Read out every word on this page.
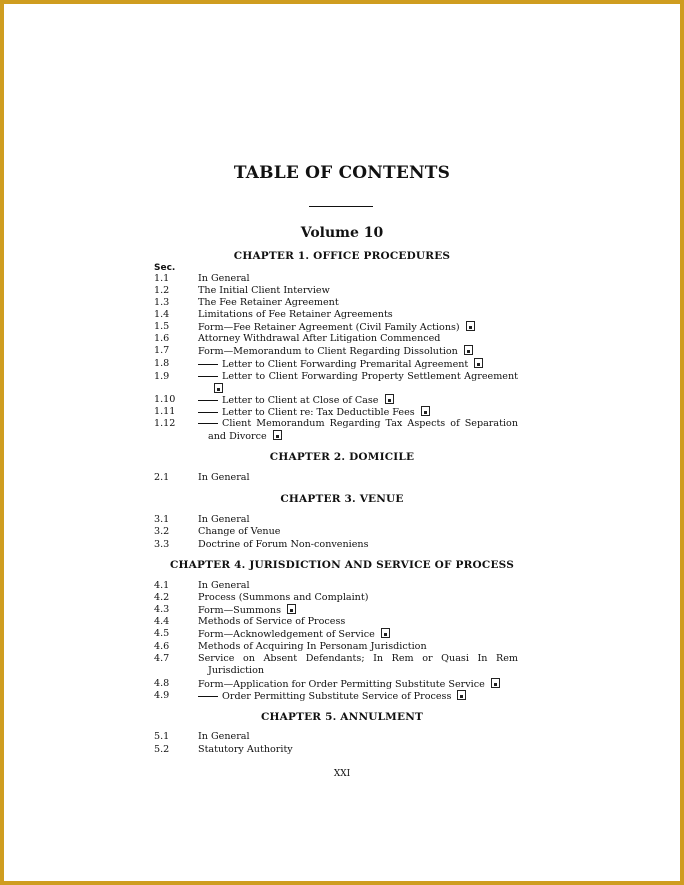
TABLE OF CONTENTS
Volume 10
Sec.
CHAPTER 1. OFFICE PROCEDURES
1.1	In General
1.2	The Initial Client Interview
1.3	The Fee Retainer Agreement
1.4	Limitations of Fee Retainer Agreements
1.5	Form—Fee Retainer Agreement (Civil Family Actions)
1.6	Attorney Withdrawal After Litigation Commenced
1.7	Form—Memorandum to Client Regarding Dissolution
1.8	Letter to Client Forwarding Premarital Agreement
1.9	Letter to Client Forwarding Property Settlement Agreement
1.10	Letter to Client at Close of Case
1.11	Letter to Client re: Tax Deductible Fees
1.12	Client Memorandum Regarding Tax Aspects of Separation and Divorce
CHAPTER 2. DOMICILE
2.1	In General
CHAPTER 3. VENUE
3.1	In General
3.2	Change of Venue
3.3	Doctrine of Forum Non-conveniens
CHAPTER 4. JURISDICTION AND SERVICE OF PROCESS
4.1	In General
4.2	Process (Summons and Complaint)
4.3	Form—Summons
4.4	Methods of Service of Process
4.5	Form—Acknowledgement of Service
4.6	Methods of Acquiring In Personam Jurisdiction
4.7	Service on Absent Defendants; In Rem or Quasi In Rem Jurisdiction
4.8	Form—Application for Order Permitting Substitute Service
4.9	Order Permitting Substitute Service of Process
CHAPTER 5. ANNULMENT
5.1	In General
5.2	Statutory Authority
XXI
